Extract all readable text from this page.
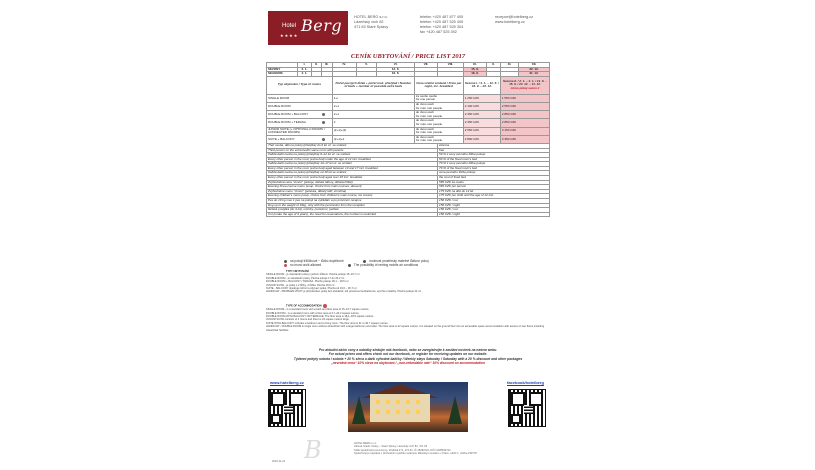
Hotel Berg
★★★★
HOTEL BERG s.r.o.
Lázeňský vrch 82
471 63 Staré Splavy
telefon +420 487 877 405
telefon +420 487 525 405
telefon +420 487 525 304
fax +420 487 525 392
recepce@hotelberg.cz
www.hotelberg.cz
CENÍK UBYTOVÁNÍ / PRICE LIST 2017
	I.	II.	III.	IV.	V.	VI.	VII.	VIII.	IX.	X.	XI.	XII.
SEZONY	2. 1.					12. 6.			15. 9.			22. 12.
SEASONS	4. 1.					16. 6.			16. 9.			31. 12.
Typ ubytování / Type of rooms				Počet pevných lůžek + počet mož. přistýlek / Number of beds + number of possible extra beds			Cena včetně snídaně / Price per night, inc. breakfast		Sezona I. / 4. 1. – 12. 6. / 16. 9. – 22. 12.		Sezona II. / 2. 1. – 3. 1. / 13. 6. – 15. 9. / 23. 12. – 31. 12.
mimo pokoj sezon ii	
SINGLE ROOM				1+/			za osobu osobu
for one person		1 250 CZK		1 550 CZK	
DOUBLE ROOM				2+1			do dvou osob
for max. two people		2 100 CZK		2 550 CZK	
DOUBLE ROOM + BALCONY				2+1			do dvou osob
for max. two people		2 350 CZK		2 850 CZK	
DOUBLE ROOM + TERASA				2			do dvou osob
for max. two people		2 350 CZK		2 850 CZK	
JUNIOR SUITE (+ OPTIONAL 2 ROOMS / CONNECTED ROOMS)				(2+1)+(2)			do dvou osob
for max. two people		2 650 CZK		3 150 CZK	
SUITE + BALCONY				(2+1)+2			do dvou osob
for max. two people		2 800 CZK		3 350 CZK	
Třetí osoba, děti na pokoji (přistýlka) do 6 let vč. se snídaní								zdarma				
Third person on the extra bed/in same room with parents								free				
Každá další osoba na pokoji (přistýlka) 6–12 let vč. se snídaní								50 % z ceny pevného lůžka pokoje				
Every other person in the room (extra bed) under the age of 12 incl. breakfast								50 % of the fixed room's bed				
Každá další osoba na pokoji (přistýlka) 13–17 let vč. se snídaní								70 % z ceny pevného lůžka pokoje				
Every other person in the room (extra bed) aged between 13 and 17 incl. breakfast								70 % of the fixed room's bed				
Každá další osoba na pokoji (přistýlka) od 18 let se snídaní								cena pevného lůžka pokoje				
Every other person in the room (extra bed) aged over 18 incl. breakfast								the cost of fixed bed				
Zvýhodněná cena "Junior" (pokoje, dětské tábory, dětská hřiště)								565 CZK za osobu				
Evening three-course menu (soup, choice from main courses, dessert)								565 CZK per person				
Zvýhodněné menu "Junior" (polévka, dětský tálíř, zmrzlina)								175 CZK na dítě do 12 let				
Evening children's menu (soup, choice from children's main course, ice cream)								175 CZK per child until the age of 12 incl.				
Pes do 10 kg max 1 pes na pokoji na vyžádání a po potvrzení recepce								150 CZK / noc				
Dog up to the weight of 10kg, only with the permission from the reception								150 CZK / night				
Dětská postýlka (do 3 let), ručníky, povlečení, pelíšek								150 CZK / noc				
Cot (under the age of 3 years), the need for reservations, the number is restricted								150 CZK / night				
na pokoji třílůžková ~ lůžko doplňkové	možnost prostřesky matelné lůžkoví pokoj
no mora orolk allowed	The possibility of renting mobile air conditions
TYPY UBYTOVÁNÍ
SINGLE ROOM - je standardní pokoj s jedním lůžkem. Plocha pokoje 15–16,7 m².
DOUBLE ROOM - je standardní pokoj. Plocha pokoje 17 do 20,2 m².
DOUBLE ROOM + BALCONY / TERASA. Plocha pokoje 18,1 – 18,5 m².
JUNIOR SUITE - je pokoj s 2 lůžky, 2 lůžka. Plocha 18,9 m².
SUITE - BALCONY obsahuje ložnici a obývací pokoj. Plocha od 16,6 – 36,7 m².
HANDICAP - PROBLÉM ŽIVOT je přizpůsoben pokoj bez překážek, též prostorou bezbariérové, sprcha s kolečky. Plocha pokoje 22 m².
TYPE OF ACCOMMODATION
SINGLE ROOM - is a standard room with a bath and floor area of 15–16,7 square metres.
DOUBLE ROOM - is a standard room with a floor area of 17–20,2 square metres.
DOUBLE ROOM WITH BALCONY OR TERRACE. The floor area is 18,1–18,5 square metres.
JUNIOR SUITE consists of 2 rooms and there is 24 square metres large.
SUITE WITH BALCONY includes a bedroom and a living room. The floor area is 31 to 36,7 square metres.
HANDICAP - DOUBLE ROOM is single room without wheelchair with a large bathroom and toilet. The floor area is 22 square metres. It is situated on the ground floor into an accessible space accommodation with access on two floors including wheelchair facilities.
Pro aktuální akční ceny a nabídky sledujte náš facebook, nebo se zaregistrujte k zasílání novinek na našem webu.
For actual prices and offers check out our facebook, or register for receiving updates on our website.
Týdenní pobyty sobota / sobota + 20 % sleva a další výhodné balíčky / Weekly stays Saturday / Saturday with a 20 % discount and other packages
„nevratná cena“ 10% sleva na ubytování / „non-refundable rate“ 10% discount on accommodation
www.hotelberg.cz	facebook/hotelberg
B	HOTEL BERG s.r.o.
Adresa hotelu: Doksy – Staré Splavy, Lázeňský vrch 82, 471 63
Sídlo společnosti provozovny, Pražská 471, 272 61, IČ 28493722, DIČ CZ28493722
Společnost je zapsána v obchodním rejstříku vedeném Městským soudem v Praze, oddíl C, vložka 230778
2016-11-21
